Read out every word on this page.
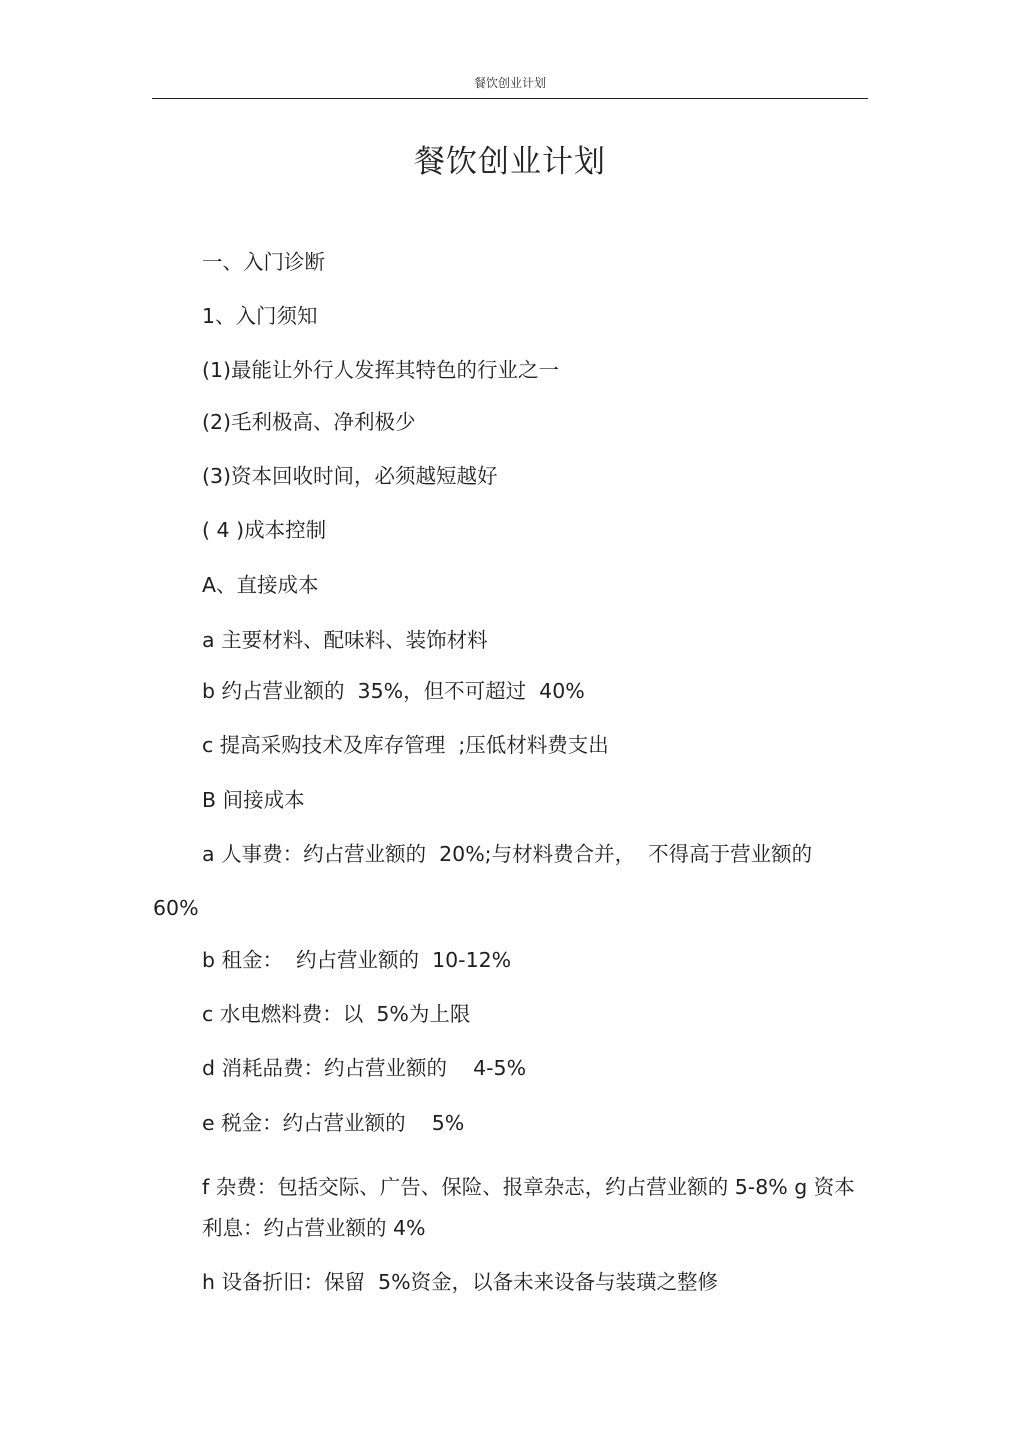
餐饮创业计划
餐饮创业计划
一、入门诊断
1、入门须知
(1)最能让外行人发挥其特色的行业之一
(2)毛利极高、净利极少
(3)资本回收时间，必须越短越好
( 4 )成本控制
A、直接成本
a 主要材料、配味料、装饰材料
b 约占营业额的  35%，但不可超过  40%
c 提高采购技术及库存管理  ;压低材料费支出
B 间接成本
a 人事费：约占营业额的  20%;与材料费合并，  不得高于营业额的
60%
b 租金：  约占营业额的  10-12%
c 水电燃料费：以  5%为上限
d 消耗品费：约占营业额的    4-5%
e 税金：约占营业额的    5%
f 杂费：包括交际、广告、保险、报章杂志，约占营业额的 5-8% g 资本利息：约占营业额的 4%
h 设备折旧：保留  5%资金，以备未来设备与装璜之整修
